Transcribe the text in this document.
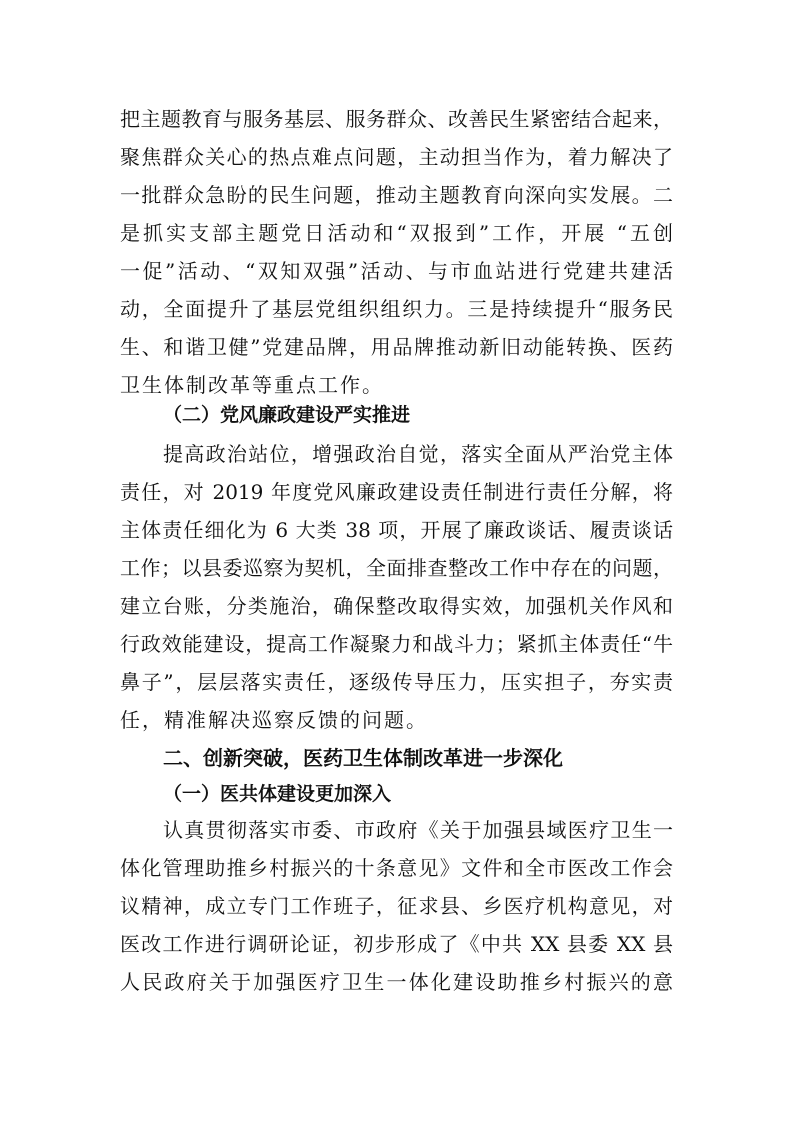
把主题教育与服务基层、服务群众、改善民生紧密结合起来，
聚焦群众关心的热点难点问题，主动担当作为，着力解决了
一批群众急盼的民生问题，推动主题教育向深向实发展。二
是抓实支部主题党日活动和“双报到”工作，开展 “五创
一促”活动、“双知双强”活动、与市血站进行党建共建活
动，全面提升了基层党组织组织力。三是持续提升“服务民
生、和谐卫健”党建品牌，用品牌推动新旧动能转换、医药
卫生体制改革等重点工作。
（二）党风廉政建设严实推进
提高政治站位，增强政治自觉，落实全面从严治党主体
责任，对 2019 年度党风廉政建设责任制进行责任分解，将
主体责任细化为 6 大类 38 项，开展了廉政谈话、履责谈话
工作；以县委巡察为契机，全面排查整改工作中存在的问题，
建立台账，分类施治，确保整改取得实效，加强机关作风和
行政效能建设，提高工作凝聚力和战斗力；紧抓主体责任“牛
鼻子”，层层落实责任，逐级传导压力，压实担子，夯实责
任，精准解决巡察反馈的问题。
二、创新突破，医药卫生体制改革进一步深化
（一）医共体建设更加深入
认真贯彻落实市委、市政府《关于加强县域医疗卫生一
体化管理助推乡村振兴的十条意见》文件和全市医改工作会
议精神，成立专门工作班子，征求县、乡医疗机构意见，对
医改工作进行调研论证，初步形成了《中共 XX 县委 XX 县
人民政府关于加强医疗卫生一体化建设助推乡村振兴的意
